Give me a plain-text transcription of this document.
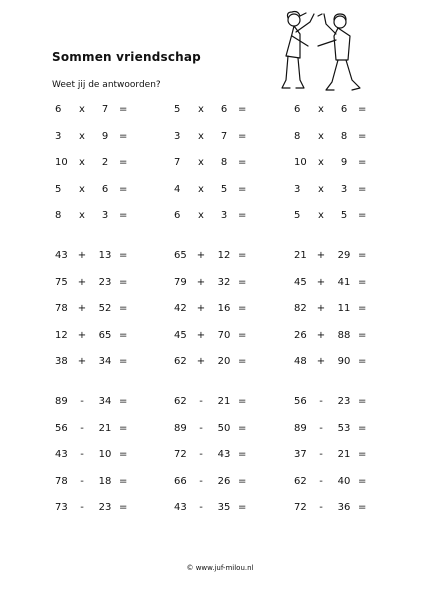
Sommen vriendschap
Weet jij de antwoorden?
6	x	7	=
3	x	9	=
10	x	2	=
5	x	6	=
8	x	3	=
5	x	6	=
3	x	7	=
7	x	8	=
4	x	5	=
6	x	3	=
6	x	6	=
8	x	8	=
10	x	9	=
3	x	3	=
5	x	5	=
43	+	13 =
75	+	23 =
78	+	52 =
12	+	65 =
38	+	34 =
65	+	12 =
79	+	32 =
42	+	16 =
45	+	70 =
62	+	20 =
21	+	29 =
45	+	41 =
82	+	11 =
26	+	88 =
48	+	90 =
89	-	34 =
56	-	21 =
43	-	10 =
78	-	18 =
73	-	23 =
62	-	21 =
89	-	50 =
72	-	43 =
66	-	26 =
43	-	35 =
56	-	23 =
89	-	53 =
37	-	21 =
62	-	40 =
72	-	36 =
© www.juf-milou.nl
